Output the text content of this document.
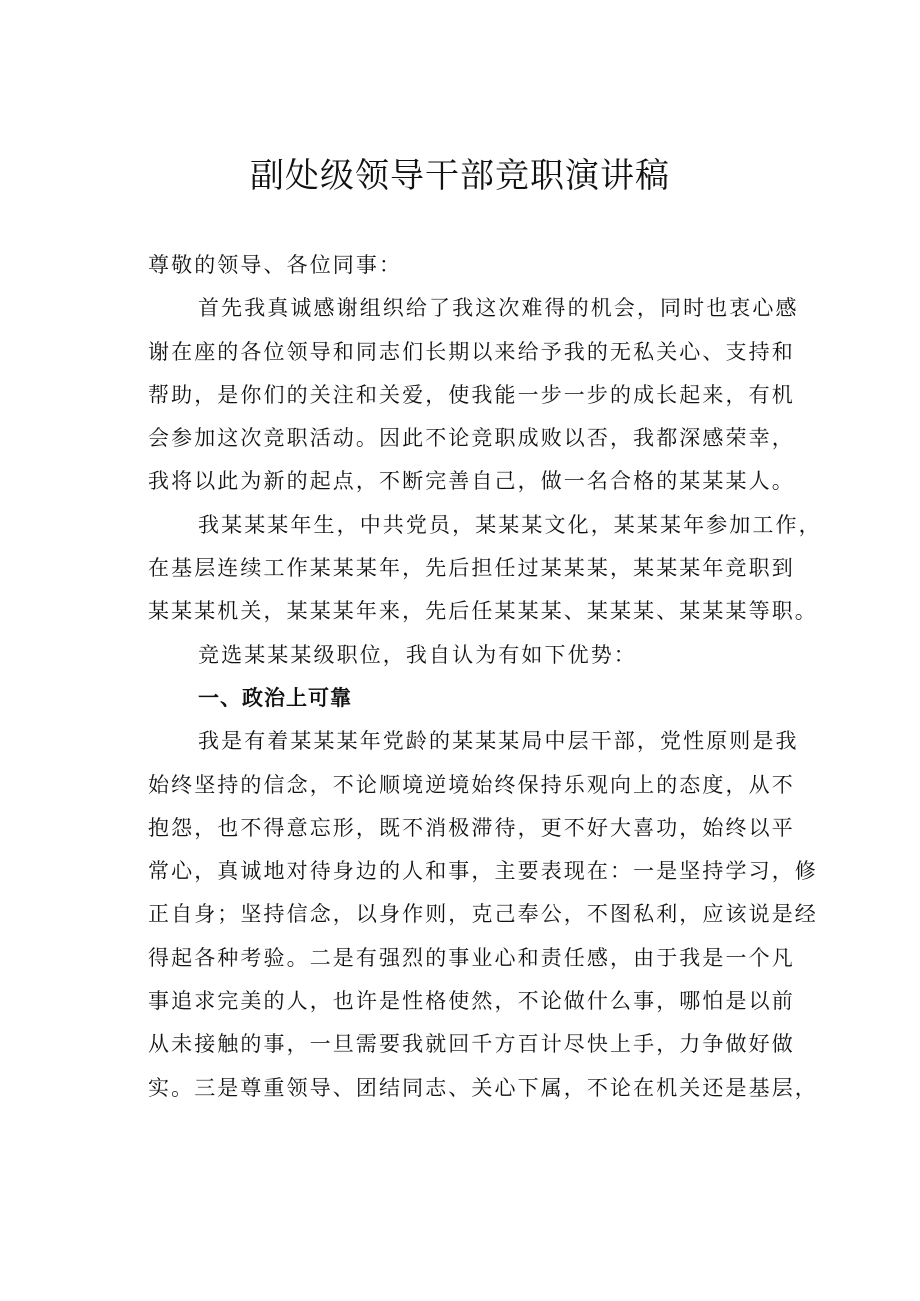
副处级领导干部竞职演讲稿
尊敬的领导、各位同事：
首先我真诚感谢组织给了我这次难得的机会，同时也衷心感
谢在座的各位领导和同志们长期以来给予我的无私关心、支持和
帮助，是你们的关注和关爱，使我能一步一步的成长起来，有机
会参加这次竞职活动。因此不论竞职成败以否，我都深感荣幸，
我将以此为新的起点，不断完善自己，做一名合格的某某某人。
我某某某年生，中共党员，某某某文化，某某某年参加工作，
在基层连续工作某某某年，先后担任过某某某，某某某年竞职到
某某某机关，某某某年来，先后任某某某、某某某、某某某等职。
竞选某某某级职位，我自认为有如下优势：
一、政治上可靠
我是有着某某某年党龄的某某某局中层干部，党性原则是我
始终坚持的信念，不论顺境逆境始终保持乐观向上的态度，从不
抱怨，也不得意忘形，既不消极滞待，更不好大喜功，始终以平
常心，真诚地对待身边的人和事，主要表现在：一是坚持学习，修
正自身；坚持信念，以身作则，克己奉公，不图私利，应该说是经
得起各种考验。二是有强烈的事业心和责任感，由于我是一个凡
事追求完美的人，也许是性格使然，不论做什么事，哪怕是以前
从未接触的事，一旦需要我就回千方百计尽快上手，力争做好做
实。三是尊重领导、团结同志、关心下属，不论在机关还是基层，
